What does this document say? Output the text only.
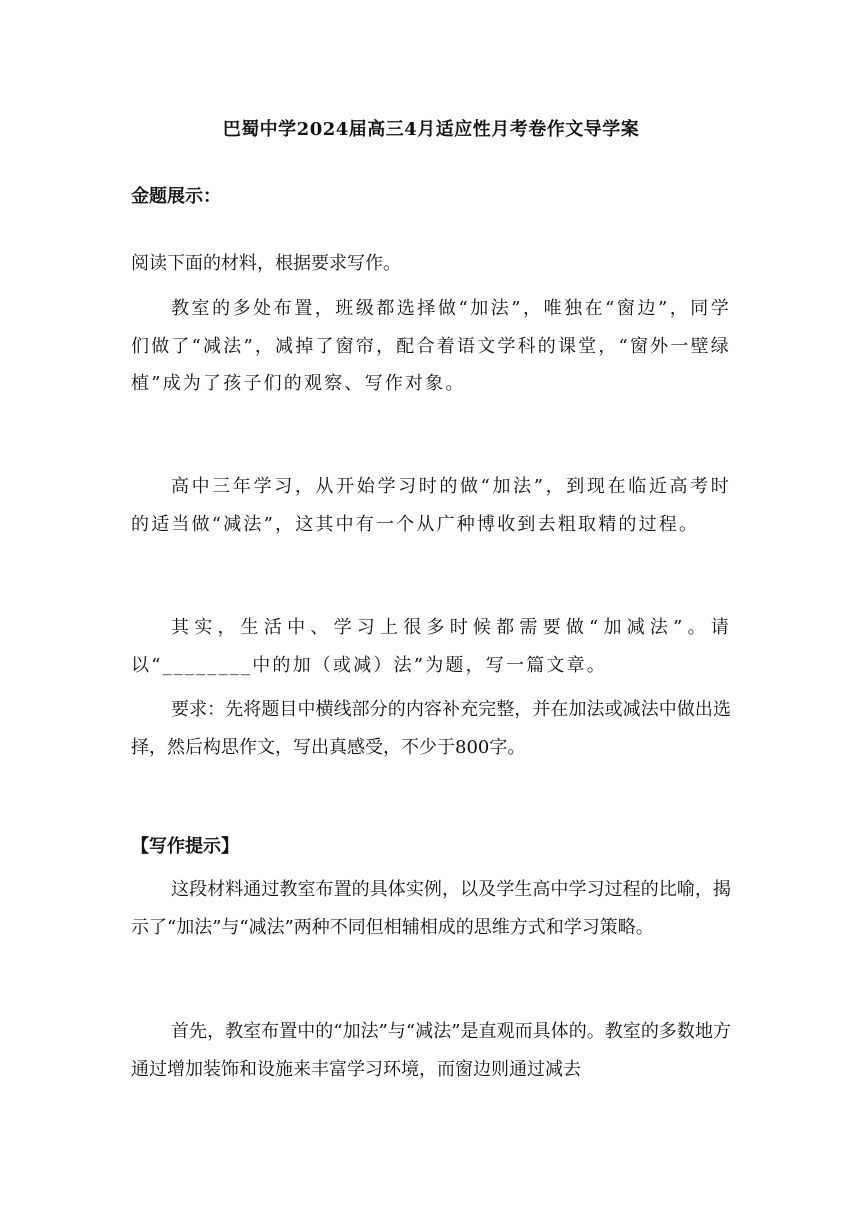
巴蜀中学2024届高三4月适应性月考卷作文导学案
金题展示：
阅读下面的材料，根据要求写作。
教室的多处布置，班级都选择做“加法”，唯独在“窗边”，同学们做了“减法”，减掉了窗帘，配合着语文学科的课堂，“窗外一壁绿植”成为了孩子们的观察、写作对象。
高中三年学习，从开始学习时的做“加法”，到现在临近高考时的适当做“减法”，这其中有一个从广种博收到去粗取精的过程。
其实，生活中、学习上很多时候都需要做“加减法”。请以“________中的加（或减）法”为题，写一篇文章。
要求：先将题目中横线部分的内容补充完整，并在加法或减法中做出选择，然后构思作文，写出真感受，不少于800字。
【写作提示】
这段材料通过教室布置的具体实例，以及学生高中学习过程的比喻，揭示了“加法”与“减法”两种不同但相辅相成的思维方式和学习策略。
首先，教室布置中的“加法”与“减法”是直观而具体的。教室的多数地方通过增加装饰和设施来丰富学习环境，而窗边则通过减去
